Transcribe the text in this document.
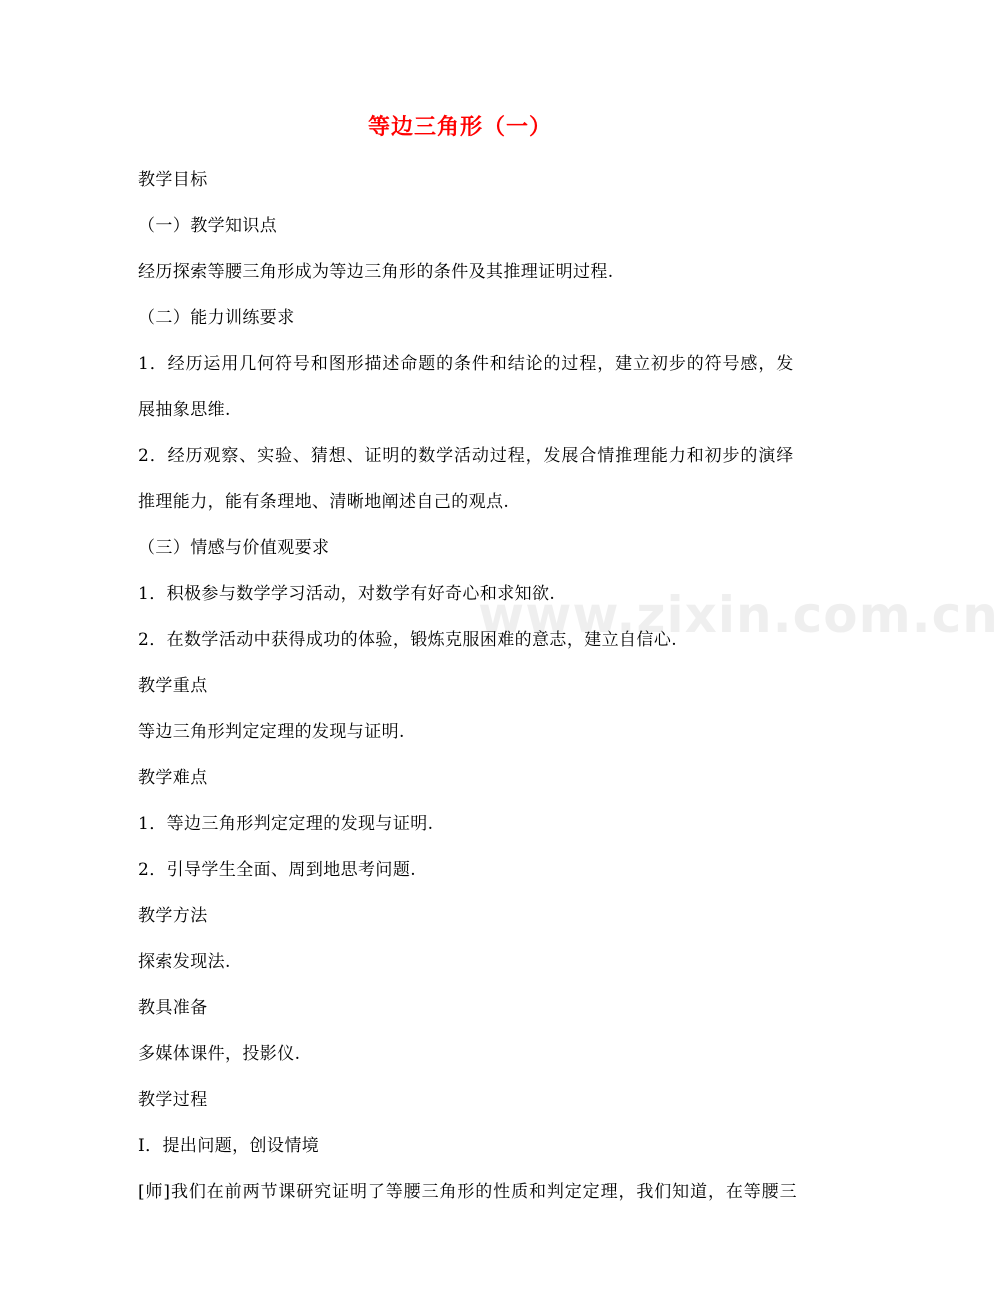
等边三角形（一）
www.zixin.com.cn
教学目标
（一）教学知识点
经历探索等腰三角形成为等边三角形的条件及其推理证明过程.
（二）能力训练要求
1．经历运用几何符号和图形描述命题的条件和结论的过程，建立初步的符号感，发
展抽象思维.
2．经历观察、实验、猜想、证明的数学活动过程，发展合情推理能力和初步的演绎
推理能力，能有条理地、清晰地阐述自己的观点.
（三）情感与价值观要求
1．积极参与数学学习活动，对数学有好奇心和求知欲.
2．在数学活动中获得成功的体验，锻炼克服困难的意志，建立自信心.
教学重点
等边三角形判定定理的发现与证明.
教学难点
1．等边三角形判定定理的发现与证明.
2．引导学生全面、周到地思考问题.
教学方法
探索发现法.
教具准备
多媒体课件，投影仪.
教学过程
Ⅰ．提出问题，创设情境
[师]我们在前两节课研究证明了等腰三角形的性质和判定定理，我们知道，在等腰三
